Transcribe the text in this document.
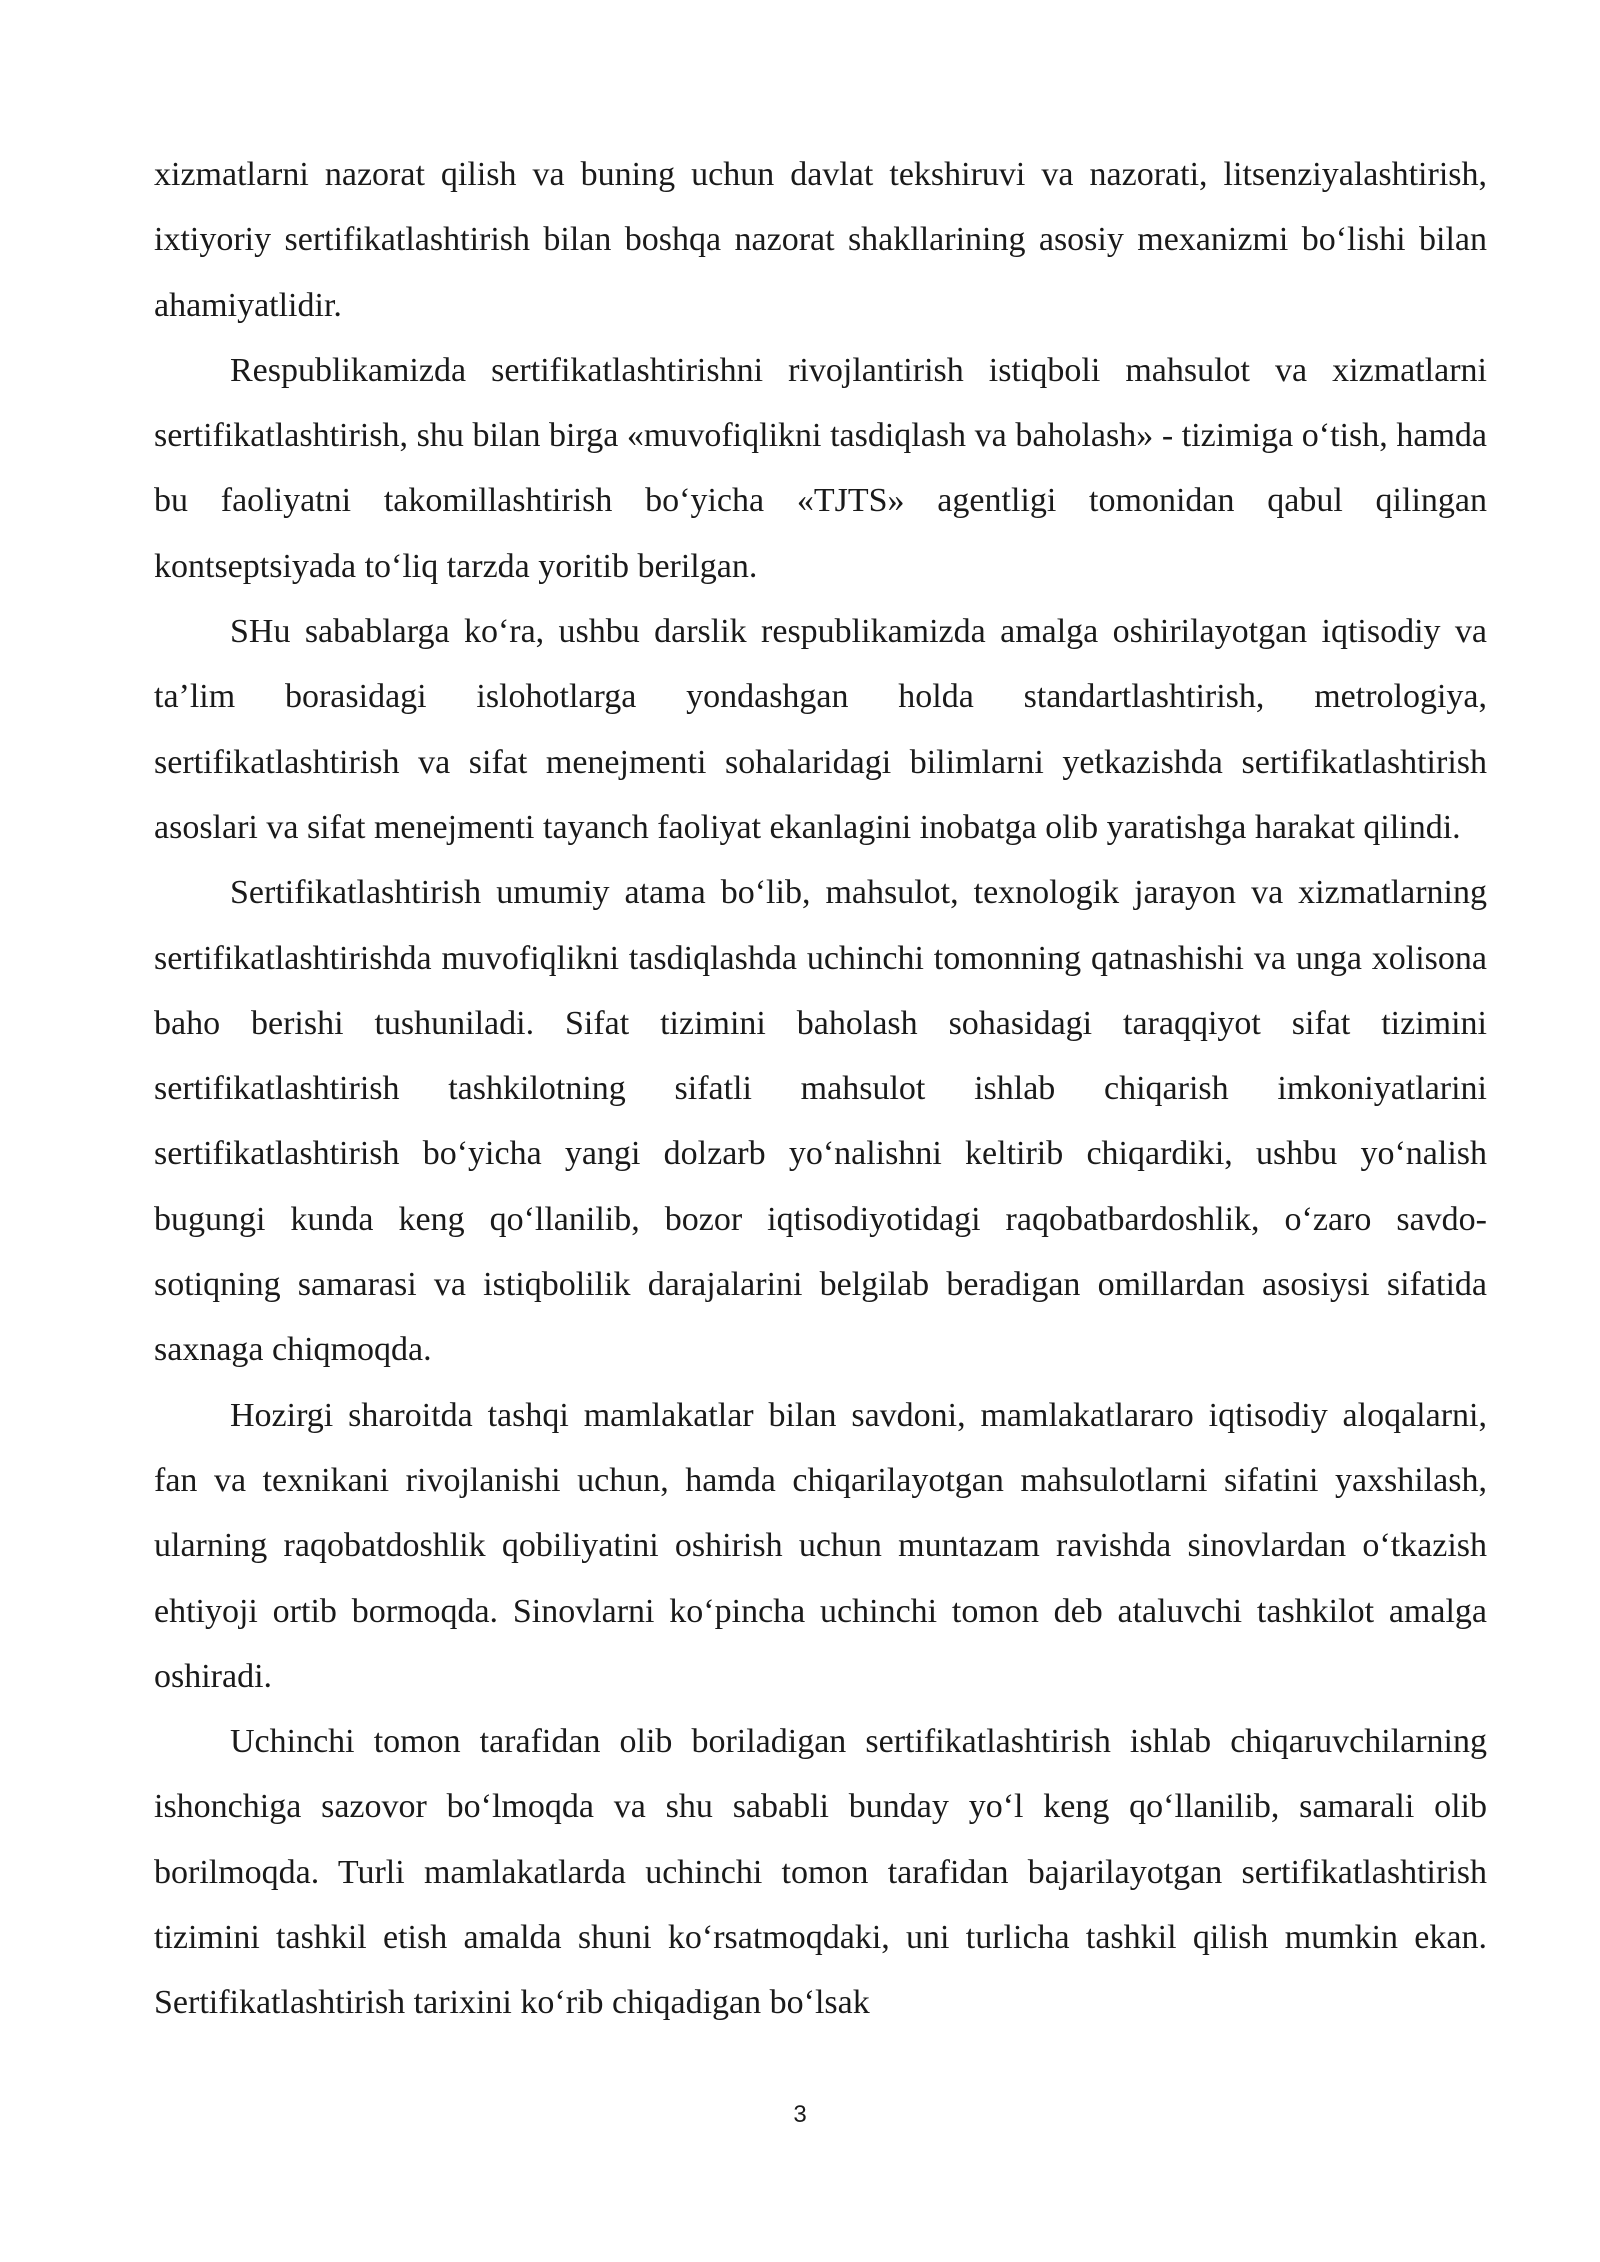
xizmatlarni nazorat qilish va buning uchun davlat tekshiruvi va nazorati, litsenziyalashtirish, ixtiyoriy sertifikatlashtirish bilan boshqa nazorat shakllarining asosiy mexanizmi bo‘lishi bilan ahamiyatlidir.

Respublikamizda sertifikatlashtirishni rivojlantirish istiqboli mahsulot va xizmatlarni sertifikatlashtirish, shu bilan birga «muvofiqlikni tasdiqlash va baholash» - tizimiga o‘tish, hamda bu faoliyatni takomillashtirish bo‘yicha «TJTS» agentligi tomonidan qabul qilingan kontseptsiyada to‘liq tarzda yoritib berilgan.

SHu sabablarga ko‘ra, ushbu darslik respublikamizda amalga oshirilayotgan iqtisodiy va ta’lim borasidagi islohotlarga yondashgan holda standartlashtirish, metrologiya, sertifikatlashtirish va sifat menejmenti sohalaridagi bilimlarni yetkazishda sertifikatlashtirish asoslari va sifat menejmenti tayanch faoliyat ekanlagini inobatga olib yaratishga harakat qilindi.

Sertifikatlashtirish umumiy atama bo‘lib, mahsulot, texnologik jarayon va xizmatlarning sertifikatlashtirishda muvofiqlikni tasdiqlashda uchinchi tomonning qatnashishi va unga xolisona baho berishi tushuniladi. Sifat tizimini baholash sohasidagi taraqqiyot sifat tizimini sertifikatlashtirish tashkilotning sifatli mahsulot ishlab chiqarish imkoniyatlarini sertifikatlashtirish bo‘yicha yangi dolzarb yo‘nalishni keltirib chiqardiki, ushbu yo‘nalish bugungi kunda keng qo‘llanilib, bozor iqtisodiyotidagi raqobatbardoshlik, o‘zaro savdo- sotiqning samarasi va istiqbolilik darajalarini belgilab beradigan omillardan asosiysi sifatida saxnaga chiqmoqda.

Hozirgi sharoitda tashqi mamlakatlar bilan savdoni, mamlakatlararo iqtisodiy aloqalarni, fan va texnikani rivojlanishi uchun, hamda chiqarilayotgan mahsulotlarni sifatini yaxshilash, ularning raqobatdoshlik qobiliyatini oshirish uchun muntazam ravishda sinovlardan o‘tkazish ehtiyoji ortib bormoqda. Sinovlarni ko‘pincha uchinchi tomon deb ataluvchi tashkilot amalga oshiradi.

Uchinchi tomon tarafidan olib boriladigan sertifikatlashtirish ishlab chiqaruvchilarning ishonchiga sazovor bo‘lmoqda va shu sababli bunday yo‘l keng qo‘llanilib, samarali olib borilmoqda. Turli mamlakatlarda uchinchi tomon tarafidan bajarilayotgan sertifikatlashtirish tizimini tashkil etish amalda shuni ko‘rsatmoqdaki, uni turlicha tashkil qilish mumkin ekan. Sertifikatlashtirish tarixini ko‘rib chiqadigan bo‘lsak

3
